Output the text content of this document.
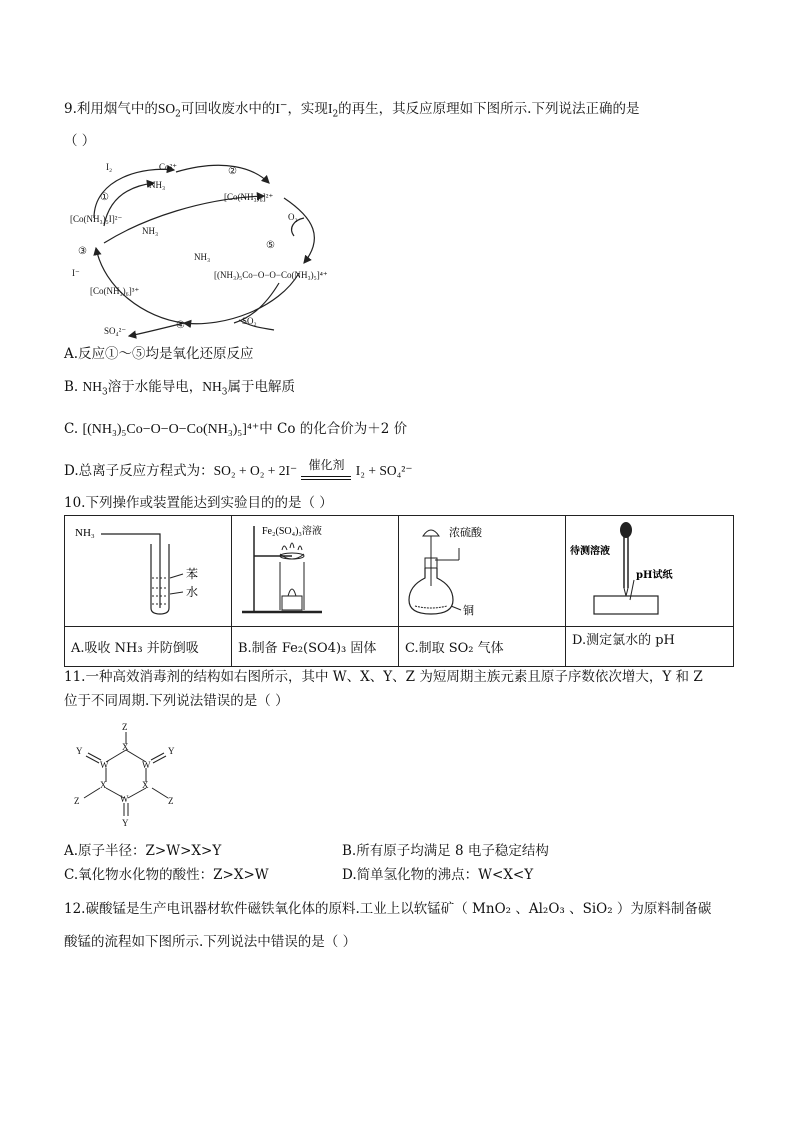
9.利用烟气中的$SO_2$可回收废水中的I−，实现$I_2$的再生，其反应原理如下图所示.下列说法正确的是
（ ）
I₂	Co²⁺
NH₃
[Co(NH₃)₆]²⁺
[Co(NH₃)₅I]²⁻
NH₃
O₂
NH₃
[(NH₃)₅Co−O−O−Co(NH₃)₅]⁴⁺
I⁻
[Co(NH₃)₆]³⁺
SO₄²⁻
SO₂
①
②
③
④
⑤
A.反应①～⑤均是氧化还原反应
B. $NH_3$溶于水能导电，$NH_3$属于电解质
C. [(NH₃)₅Co−O−O−Co(NH₃)₅]⁴⁺中 Co 的化合价为＋2 价
D.总离子反应方程式为：SO₂ + O₂ + 2I⁻ 催化剂 I₂ + SO₄²⁻
10.下列操作或装置能达到实验目的的是（ ）
NH₃
苯
水	Fe₂(SO₄)₃溶液	浓硫酸
铜	待测溶液
pH试纸

A.吸收 NH₃ 并防倒吸	B.制备 Fe₂(SO4)₃ 固体	C.制取 SO₂ 气体	D.测定氯水的 pH
11.一种高效消毒剂的结构如右图所示，其中 W、X、Y、Z 为短周期主族元素且原子序数依次增大，Y 和 Z
位于不同周期.下列说法错误的是（ ）
Z
X
W	W
Y	Y
X	X
W
Z	Z
Y
A.原子半径：Z>W>X>Y	B.所有原子均满足 8 电子稳定结构
C.氧化物水化物的酸性：Z>X>W	D.简单氢化物的沸点：W<X<Y
12.碳酸锰是生产电讯器材软件磁铁氧化体的原料.工业上以软锰矿（ MnO₂ 、Al₂O₃ 、SiO₂ ）为原料制备碳
酸锰的流程如下图所示.下列说法中错误的是（ ）
